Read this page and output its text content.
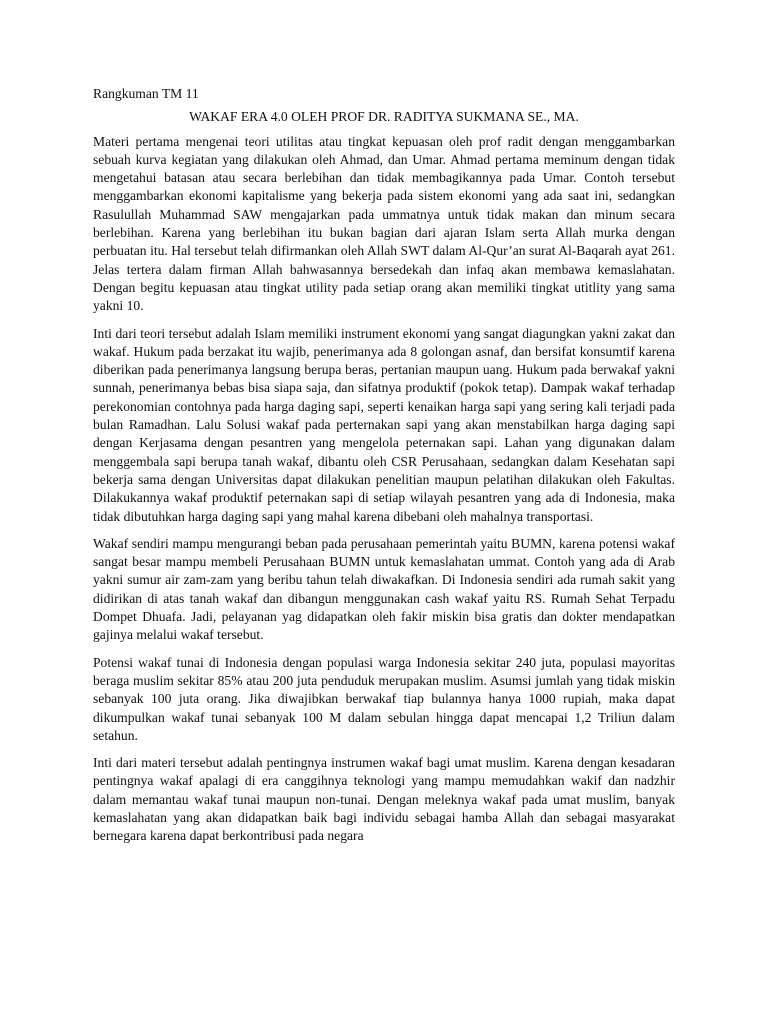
Rangkuman TM 11
WAKAF ERA 4.0 OLEH PROF DR. RADITYA SUKMANA SE., MA.

Materi pertama mengenai teori utilitas atau tingkat kepuasan oleh prof radit dengan menggambarkan sebuah kurva kegiatan yang dilakukan oleh Ahmad, dan Umar. Ahmad pertama meminum dengan tidak mengetahui batasan atau secara berlebihan dan tidak membagikannya pada Umar. Contoh tersebut menggambarkan ekonomi kapitalisme yang bekerja pada sistem ekonomi yang ada saat ini, sedangkan Rasulullah Muhammad SAW mengajarkan pada ummatnya untuk tidak makan dan minum secara berlebihan. Karena yang berlebihan itu bukan bagian dari ajaran Islam serta Allah murka dengan perbuatan itu. Hal tersebut telah difirmankan oleh Allah SWT dalam Al-Qur’an surat Al-Baqarah ayat 261. Jelas tertera dalam firman Allah bahwasannya bersedekah dan infaq akan membawa kemaslahatan. Dengan begitu kepuasan atau tingkat utility pada setiap orang akan memiliki tingkat utitlity yang sama yakni 10.

Inti dari teori tersebut adalah Islam memiliki instrument ekonomi yang sangat diagungkan yakni zakat dan wakaf. Hukum pada berzakat itu wajib, penerimanya ada 8 golongan asnaf, dan bersifat konsumtif karena diberikan pada penerimanya langsung berupa beras, pertanian maupun uang. Hukum pada berwakaf yakni sunnah, penerimanya bebas bisa siapa saja, dan sifatnya produktif (pokok tetap). Dampak wakaf terhadap perekonomian contohnya pada harga daging sapi, seperti kenaikan harga sapi yang sering kali terjadi pada bulan Ramadhan. Lalu Solusi wakaf pada perternakan sapi yang akan menstabilkan harga daging sapi dengan Kerjasama dengan pesantren yang mengelola peternakan sapi. Lahan yang digunakan dalam menggembala sapi berupa tanah wakaf, dibantu oleh CSR Perusahaan, sedangkan dalam Kesehatan sapi bekerja sama dengan Universitas dapat dilakukan penelitian maupun pelatihan dilakukan oleh Fakultas. Dilakukannya wakaf produktif peternakan sapi di setiap wilayah pesantren yang ada di Indonesia, maka tidak dibutuhkan harga daging sapi yang mahal karena dibebani oleh mahalnya transportasi.

Wakaf sendiri mampu mengurangi beban pada perusahaan pemerintah yaitu BUMN, karena potensi wakaf sangat besar mampu membeli Perusahaan BUMN untuk kemaslahatan ummat. Contoh yang ada di Arab yakni sumur air zam-zam yang beribu tahun telah diwakafkan. Di Indonesia sendiri ada rumah sakit yang didirikan di atas tanah wakaf dan dibangun menggunakan cash wakaf yaitu RS. Rumah Sehat Terpadu Dompet Dhuafa. Jadi, pelayanan yag didapatkan oleh fakir miskin bisa gratis dan dokter mendapatkan gajinya melalui wakaf tersebut.

Potensi wakaf tunai di Indonesia dengan populasi warga Indonesia sekitar 240 juta, populasi mayoritas beraga muslim sekitar 85% atau 200 juta penduduk merupakan muslim. Asumsi jumlah yang tidak miskin sebanyak 100 juta orang. Jika diwajibkan berwakaf tiap bulannya hanya 1000 rupiah, maka dapat dikumpulkan wakaf tunai sebanyak 100 M dalam sebulan hingga dapat mencapai 1,2 Triliun dalam setahun.

Inti dari materi tersebut adalah pentingnya instrumen wakaf bagi umat muslim. Karena dengan kesadaran pentingnya wakaf apalagi di era canggihnya teknologi yang mampu memudahkan wakif dan nadzhir dalam memantau wakaf tunai maupun non-tunai. Dengan meleknya wakaf pada umat muslim, banyak kemaslahatan yang akan didapatkan baik bagi individu sebagai hamba Allah dan sebagai masyarakat bernegara karena dapat berkontribusi pada negara
